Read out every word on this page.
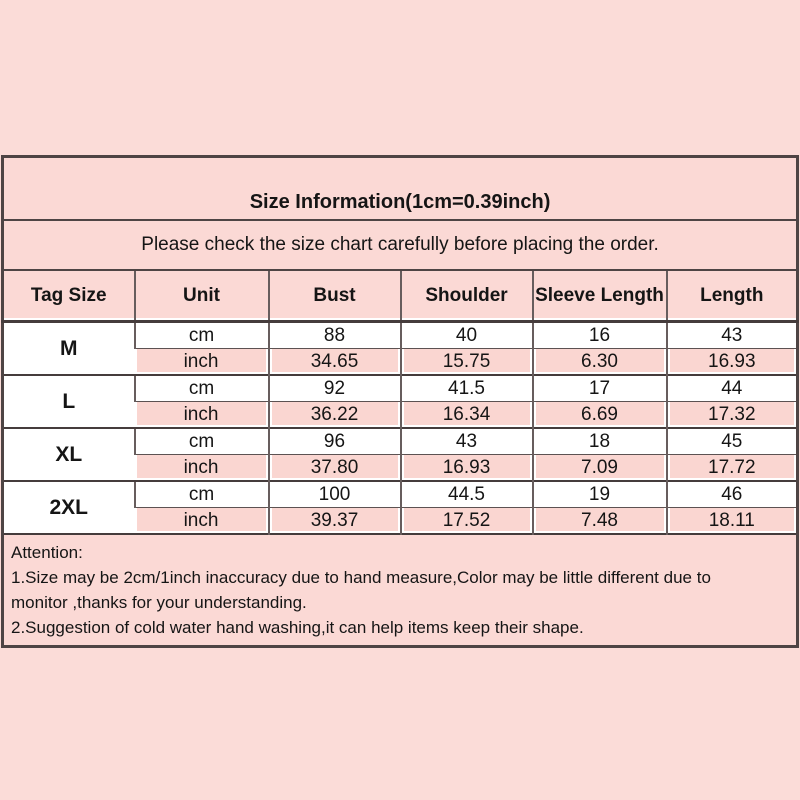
Size Information(1cm=0.39inch)					
Please check the size chart carefully before placing the order.					
Tag Size	Unit	Bust	Shoulder	Sleeve Length	Length
M	cm	88	40	16	43
	inch	34.65	15.75	6.30	16.93
L	cm	92	41.5	17	44
	inch	36.22	16.34	6.69	17.32
XL	cm	96	43	18	45
	inch	37.80	16.93	7.09	17.72
2XL	cm	100	44.5	19	46
	inch	39.37	17.52	7.48	18.11

Attention:
1.Size may be 2cm/1inch inaccuracy due to hand measure,Color may be little different due to
monitor ,thanks for your understanding.
2.Suggestion of cold water hand washing,it can help items keep their shape.					
